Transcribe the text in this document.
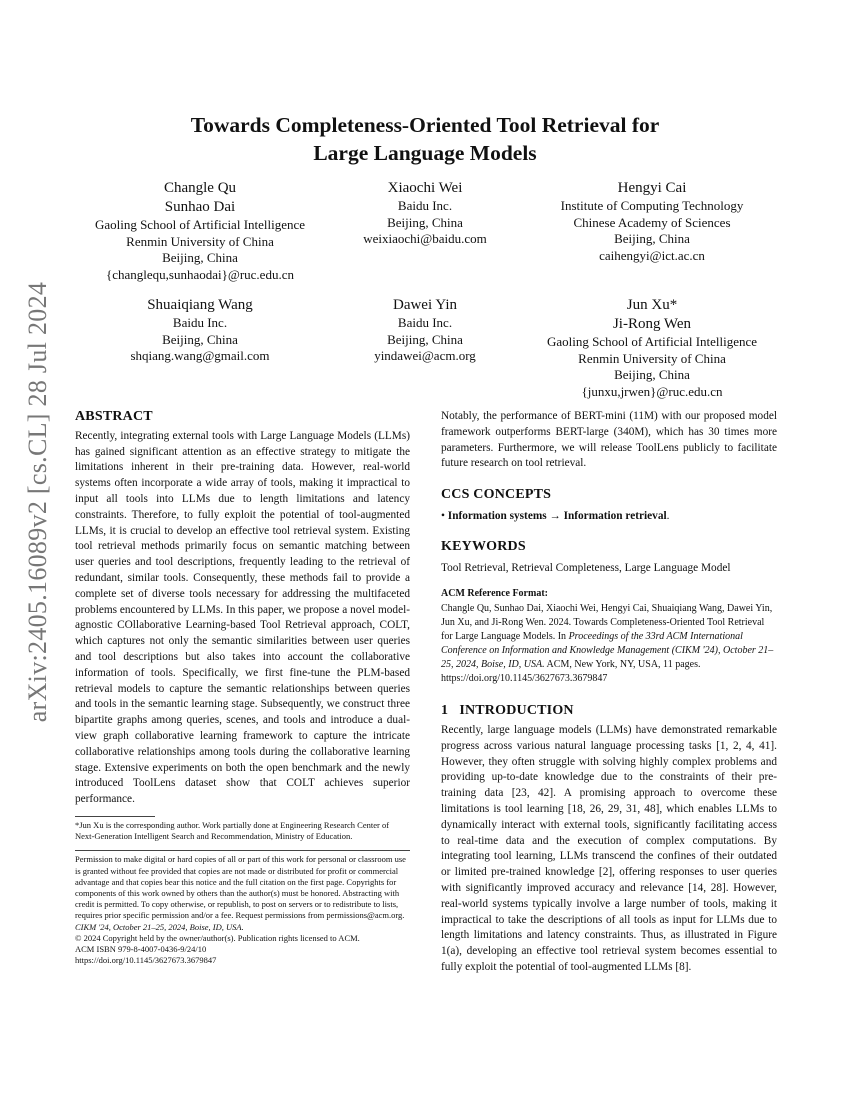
arXiv:2405.16089v2 [cs.CL] 28 Jul 2024
Towards Completeness-Oriented Tool Retrieval for
Large Language Models
Changle Qu
Sunhao Dai
Gaoling School of Artificial Intelligence
Renmin University of China
Beijing, China
{changlequ,sunhaodai}@ruc.edu.cn
Xiaochi Wei
Baidu Inc.
Beijing, China
weixiaochi@baidu.com
Hengyi Cai
Institute of Computing Technology
Chinese Academy of Sciences
Beijing, China
caihengyi@ict.ac.cn
Shuaiqiang Wang
Baidu Inc.
Beijing, China
shqiang.wang@gmail.com
Dawei Yin
Baidu Inc.
Beijing, China
yindawei@acm.org
Jun Xu*
Ji-Rong Wen
Gaoling School of Artificial Intelligence
Renmin University of China
Beijing, China
{junxu,jrwen}@ruc.edu.cn
ABSTRACT

Recently, integrating external tools with Large Language Models (LLMs) has gained significant attention as an effective strategy to mitigate the limitations inherent in their pre-training data. However, real-world systems often incorporate a wide array of tools, making it impractical to input all tools into LLMs due to length limitations and latency constraints. Therefore, to fully exploit the potential of tool-augmented LLMs, it is crucial to develop an effective tool retrieval system. Existing tool retrieval methods primarily focus on semantic matching between user queries and tool descriptions, frequently leading to the retrieval of redundant, similar tools. Consequently, these methods fail to provide a complete set of diverse tools necessary for addressing the multifaceted problems encountered by LLMs. In this paper, we propose a novel model-agnostic COllaborative Learning-based Tool Retrieval approach, COLT, which captures not only the semantic similarities between user queries and tool descriptions but also takes into account the collaborative information of tools. Specifically, we first fine-tune the PLM-based retrieval models to capture the semantic relationships between queries and tools in the semantic learning stage. Subsequently, we construct three bipartite graphs among queries, scenes, and tools and introduce a dual-view graph collaborative learning framework to capture the intricate collaborative relationships among tools during the collaborative learning stage. Extensive experiments on both the open benchmark and the newly introduced ToolLens dataset show that COLT achieves superior performance.

*Jun Xu is the corresponding author. Work partially done at Engineering Research Center of Next-Generation Intelligent Search and Recommendation, Ministry of Education.

Permission to make digital or hard copies of all or part of this work for personal or classroom use is granted without fee provided that copies are not made or distributed for profit or commercial advantage and that copies bear this notice and the full citation on the first page. Copyrights for components of this work owned by others than the author(s) must be honored. Abstracting with credit is permitted. To copy otherwise, or republish, to post on servers or to redistribute to lists, requires prior specific permission and/or a fee. Request permissions from permissions@acm.org.

CIKM '24, October 21–25, 2024, Boise, ID, USA.

© 2024 Copyright held by the owner/author(s). Publication rights licensed to ACM.

ACM ISBN 979-8-4007-0436-9/24/10

https://doi.org/10.1145/3627673.3679847

Notably, the performance of BERT-mini (11M) with our proposed model framework outperforms BERT-large (340M), which has 30 times more parameters. Furthermore, we will release ToolLens publicly to facilitate future research on tool retrieval.

CCS CONCEPTS

• Information systems → Information retrieval.

KEYWORDS

Tool Retrieval, Retrieval Completeness, Large Language Model

ACM Reference Format:

Changle Qu, Sunhao Dai, Xiaochi Wei, Hengyi Cai, Shuaiqiang Wang, Dawei Yin, Jun Xu, and Ji-Rong Wen. 2024. Towards Completeness-Oriented Tool Retrieval for Large Language Models. In Proceedings of the 33rd ACM International Conference on Information and Knowledge Management (CIKM '24), October 21–25, 2024, Boise, ID, USA. ACM, New York, NY, USA, 11 pages. https://doi.org/10.1145/3627673.3679847

1 INTRODUCTION

Recently, large language models (LLMs) have demonstrated remarkable progress across various natural language processing tasks [1, 2, 4, 41]. However, they often struggle with solving highly complex problems and providing up-to-date knowledge due to the constraints of their pre-training data [23, 42]. A promising approach to overcome these limitations is tool learning [18, 26, 29, 31, 48], which enables LLMs to dynamically interact with external tools, significantly facilitating access to real-time data and the execution of complex computations. By integrating tool learning, LLMs transcend the confines of their outdated or limited pre-trained knowledge [2], offering responses to user queries with significantly improved accuracy and relevance [14, 28]. However, real-world systems typically involve a large number of tools, making it impractical to take the descriptions of all tools as input for LLMs due to length limitations and latency constraints. Thus, as illustrated in Figure 1(a), developing an effective tool retrieval system becomes essential to fully exploit the potential of tool-augmented LLMs [8].
